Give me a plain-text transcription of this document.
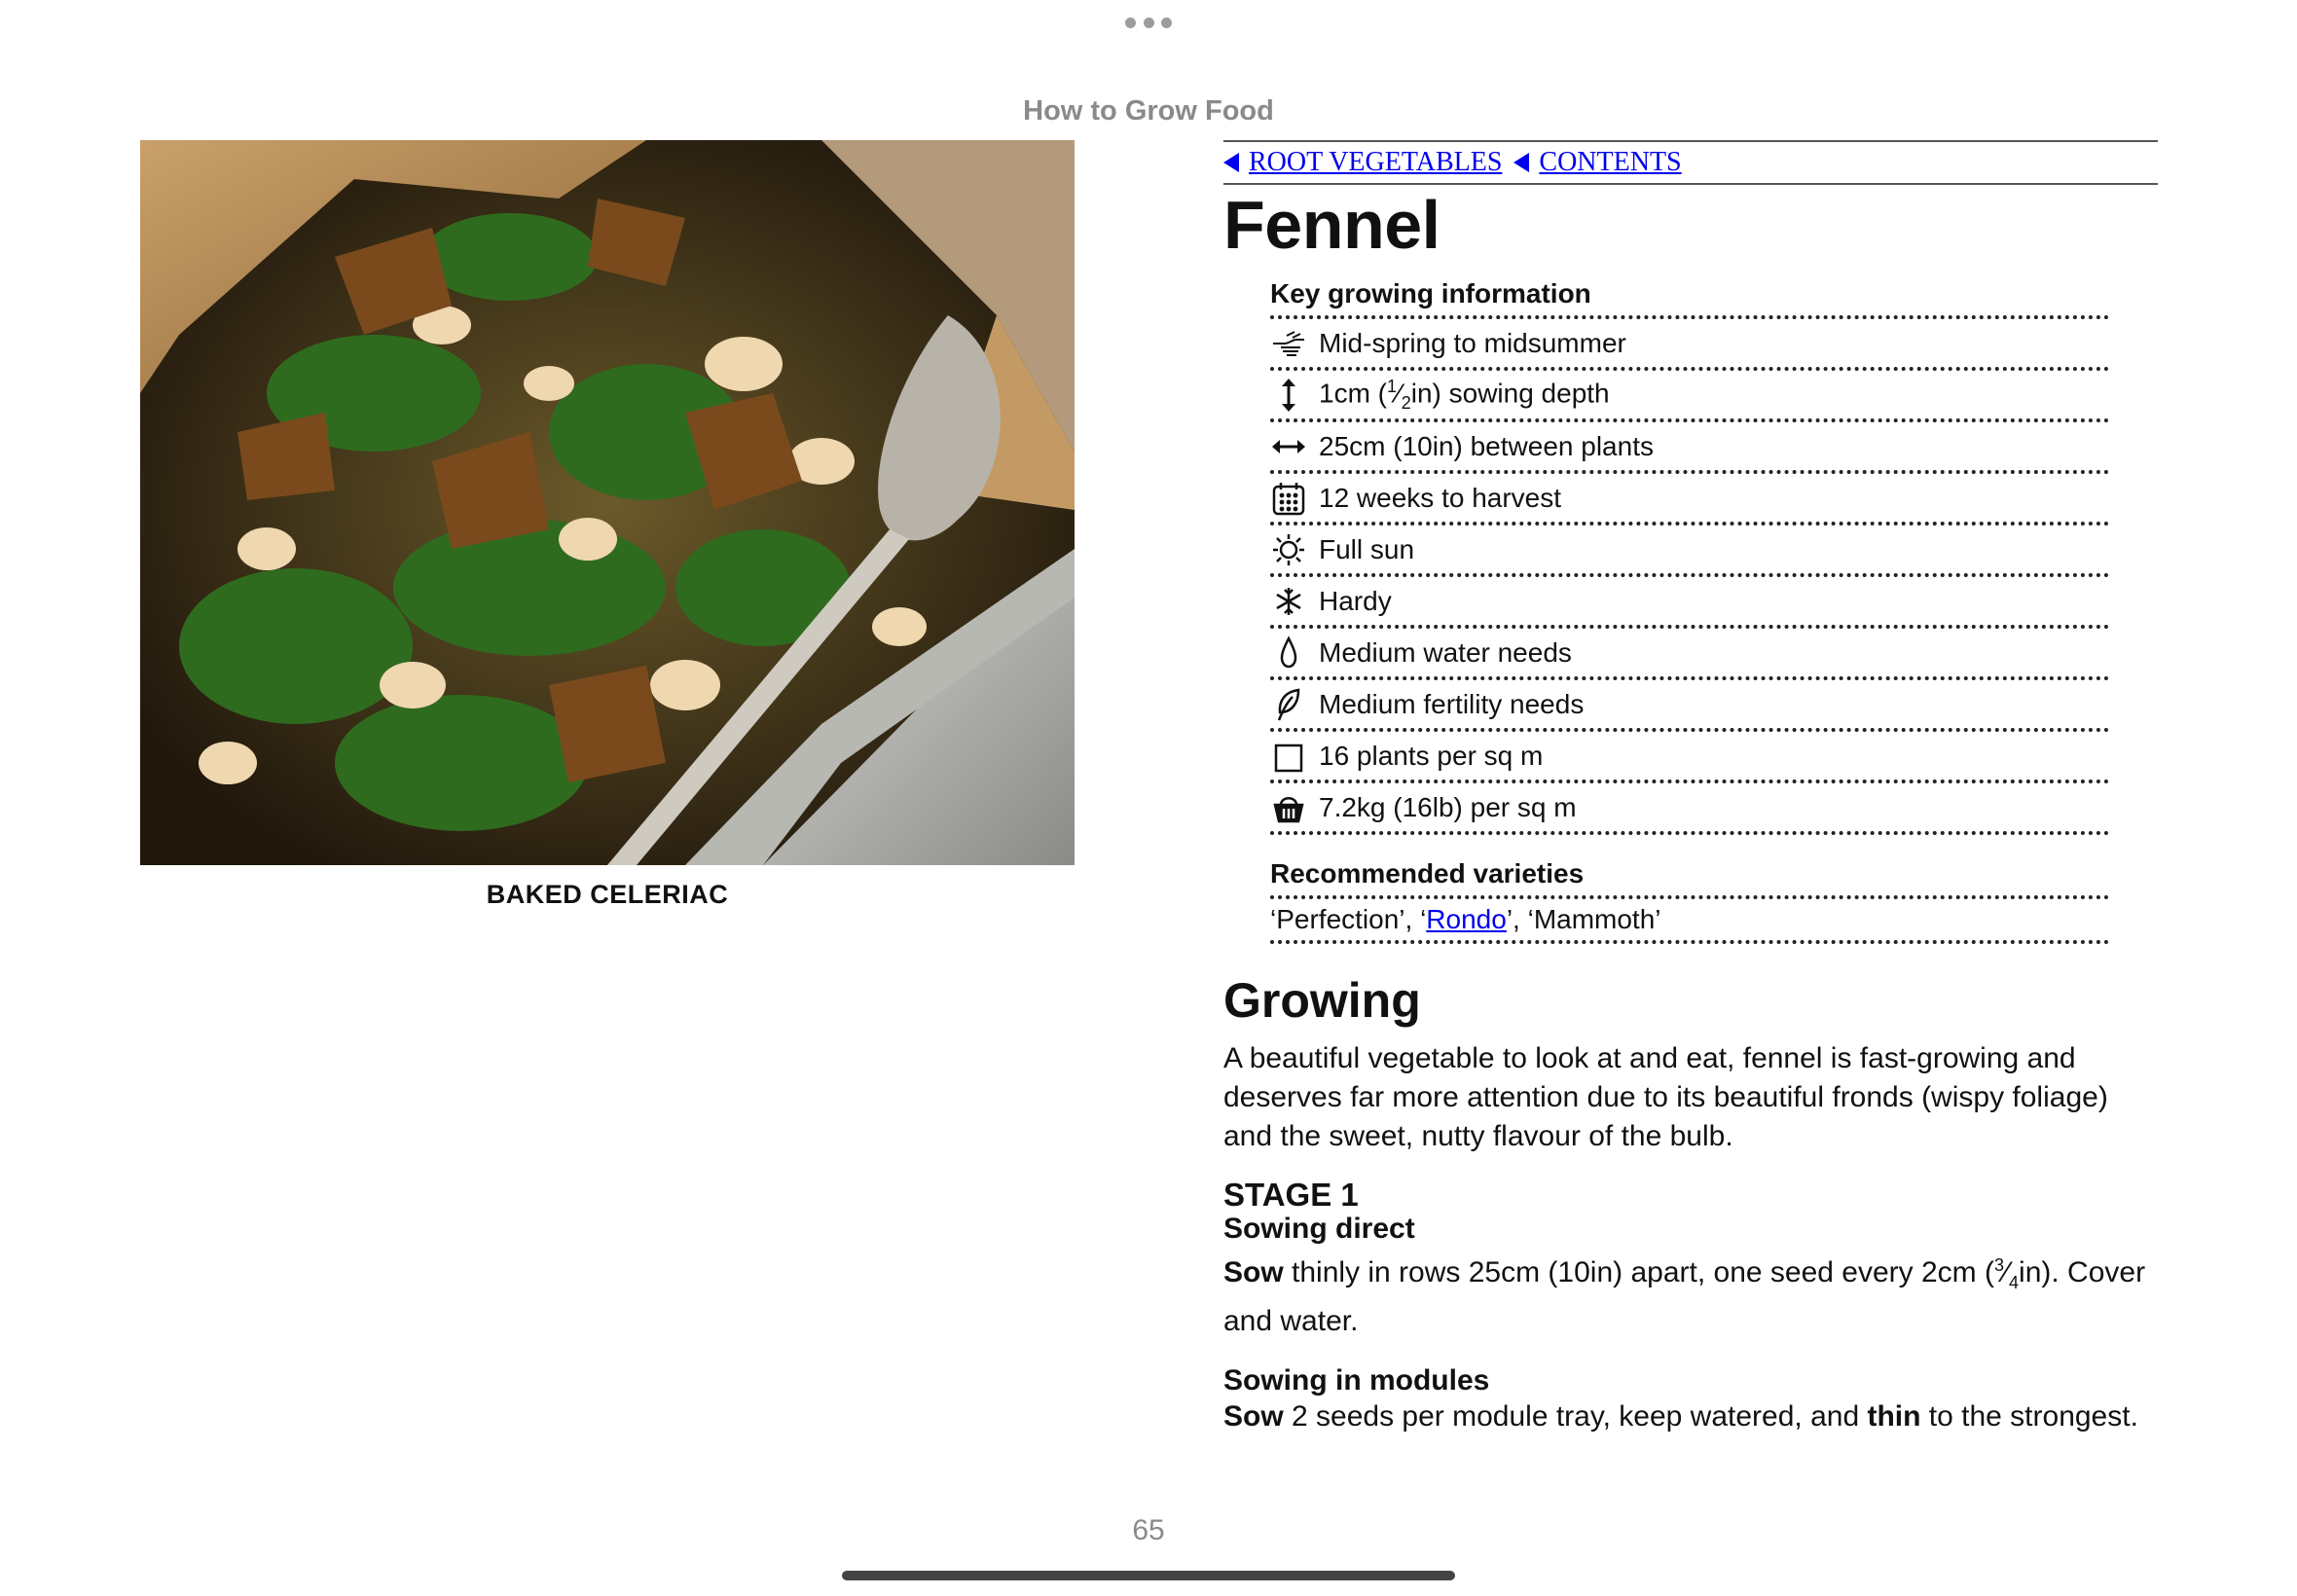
How to Grow Food
BAKED CELERIAC
ROOT VEGETABLES CONTENTS
Fennel
Key growing information
Mid-spring to midsummer
1cm $(^1⁄_2in)$ sowing depth
25cm (10in) between plants
12 weeks to harvest
Full sun
Hardy
Medium water needs
Medium fertility needs
16 plants per sq m
7.2kg (16lb) per sq m
Recommended varieties
‘Perfection’, ‘ Rondo ’, ‘Mammoth’
Growing

A beautiful vegetable to look at and eat, fennel is fast-growing and deserves far more attention due to its beautiful fronds (wispy foliage) and the sweet, nutty flavour of the bulb.

STAGE 1

Sowing direct

Sow thinly in rows 25cm (10in) apart, one seed every 2cm $(^3⁄_4in)$. Cover and water.

Sowing in modules

Sow 2 seeds per module tray, keep watered, and thin to the strongest.

65
